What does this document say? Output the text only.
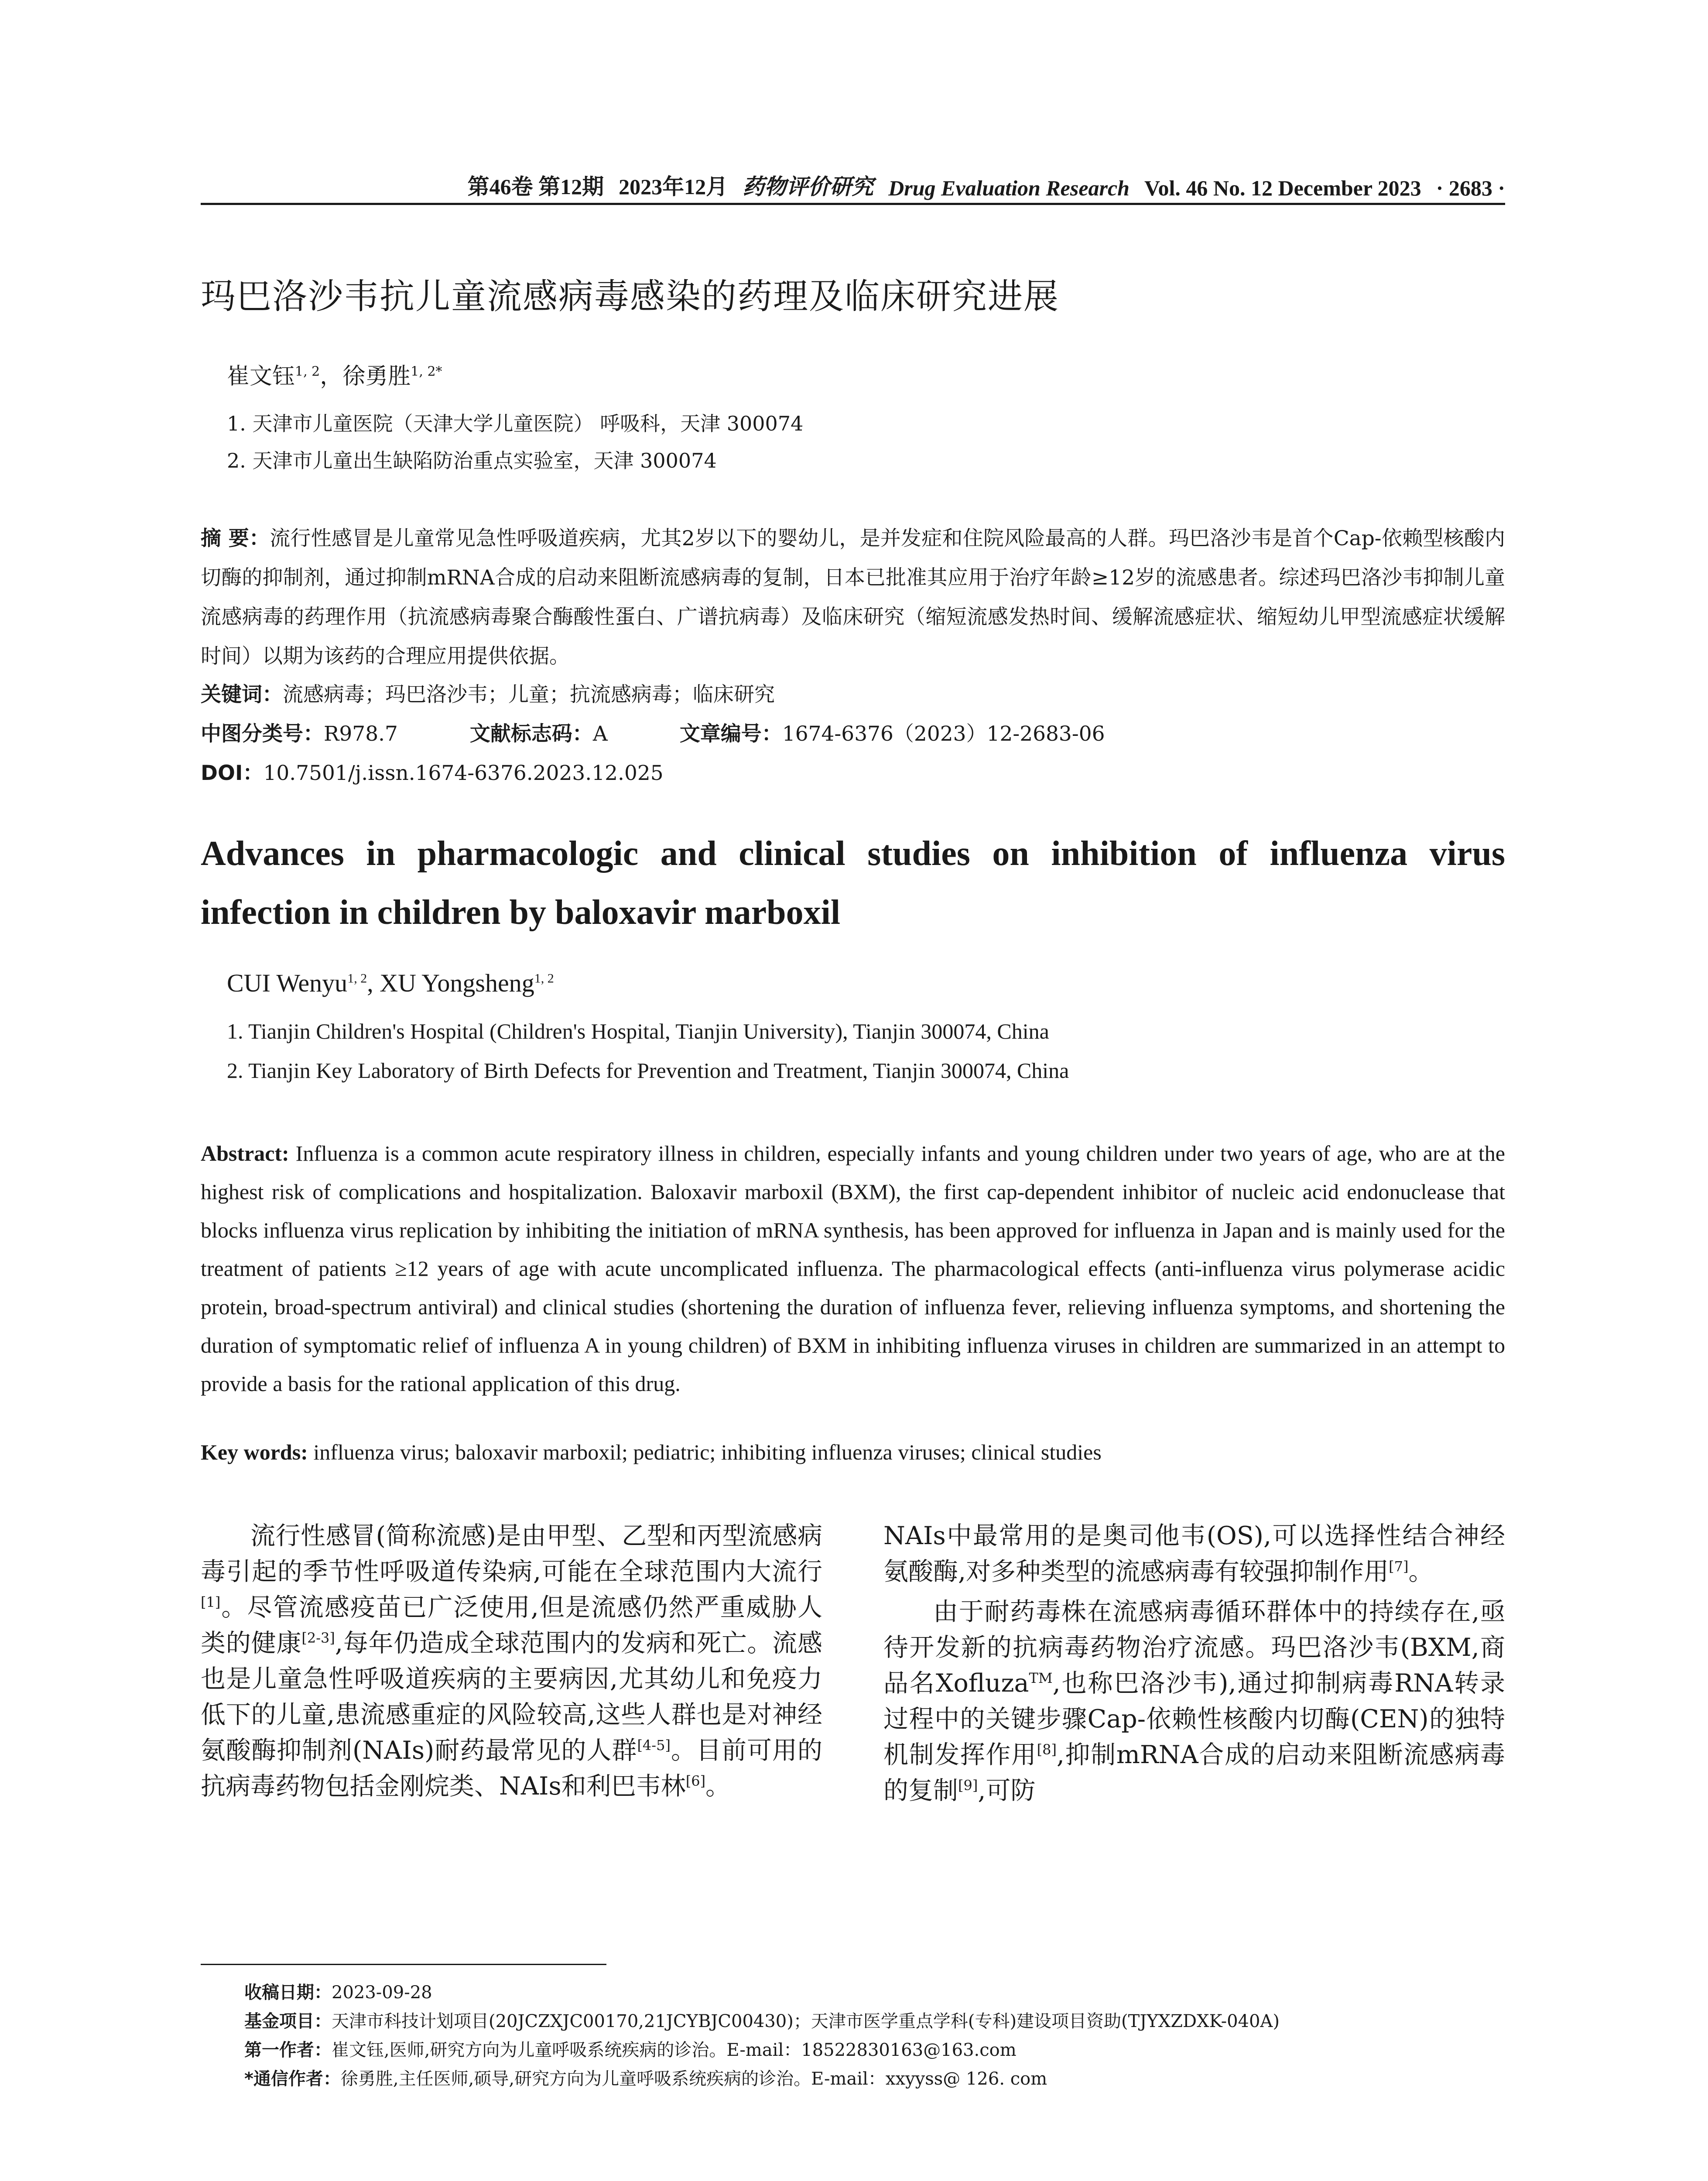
第46卷 第12期 2023年12月 药物评价研究 Drug Evaluation Research Vol. 46 No. 12 December 2023 · 2683 ·
玛巴洛沙韦抗儿童流感病毒感染的药理及临床研究进展
崔文钰$^{1, 2}$，徐勇胜$^{1, 2*}$
1. 天津市儿童医院（天津大学儿童医院） 呼吸科，天津 300074
2. 天津市儿童出生缺陷防治重点实验室，天津 300074
摘 要：流行性感冒是儿童常见急性呼吸道疾病，尤其2岁以下的婴幼儿，是并发症和住院风险最高的人群。玛巴洛沙韦是首个Cap-依赖型核酸内切酶的抑制剂，通过抑制mRNA合成的启动来阻断流感病毒的复制，日本已批准其应用于治疗年龄≥12岁的流感患者。综述玛巴洛沙韦抑制儿童流感病毒的药理作用（抗流感病毒聚合酶酸性蛋白、广谱抗病毒）及临床研究（缩短流感发热时间、缓解流感症状、缩短幼儿甲型流感症状缓解时间）以期为该药的合理应用提供依据。
关键词：流感病毒；玛巴洛沙韦；儿童；抗流感病毒；临床研究
中图分类号：R978.7	文献标志码：A	文章编号：1674-6376（2023）12-2683-06
DOI：10.7501/j.issn.1674-6376.2023.12.025
Advances in pharmacologic and clinical studies on inhibition of influenza virus infection in children by baloxavir marboxil
CUI Wenyu$^{1, 2}$, XU Yongsheng$^{1, 2}$
1. Tianjin Children's Hospital (Children's Hospital, Tianjin University), Tianjin 300074, China
2. Tianjin Key Laboratory of Birth Defects for Prevention and Treatment, Tianjin 300074, China
Abstract: Influenza is a common acute respiratory illness in children, especially infants and young children under two years of age, who are at the highest risk of complications and hospitalization. Baloxavir marboxil (BXM), the first cap-dependent inhibitor of nucleic acid endonuclease that blocks influenza virus replication by inhibiting the initiation of mRNA synthesis, has been approved for influenza in Japan and is mainly used for the treatment of patients ≥12 years of age with acute uncomplicated influenza. The pharmacological effects (anti-influenza virus polymerase acidic protein, broad-spectrum antiviral) and clinical studies (shortening the duration of influenza fever, relieving influenza symptoms, and shortening the duration of symptomatic relief of influenza A in young children) of BXM in inhibiting influenza viruses in children are summarized in an attempt to provide a basis for the rational application of this drug.
Key words: influenza virus; baloxavir marboxil; pediatric; inhibiting influenza viruses; clinical studies

流行性感冒(简称流感)是由甲型、乙型和丙型流感病毒引起的季节性呼吸道传染病,可能在全球范围内大流行[1]。尽管流感疫苗已广泛使用,但是流感仍然严重威胁人类的健康[2-3],每年仍造成全球范围内的发病和死亡。流感也是儿童急性呼吸道疾病的主要病因,尤其幼儿和免疫力低下的儿童,患流感重症的风险较高,这些人群也是对神经氨酸酶抑制剂(NAIs)耐药最常见的人群[4-5]。目前可用的抗病毒药物包括金刚烷类、NAIs和利巴韦林[6]。

NAIs中最常用的是奥司他韦(OS),可以选择性结合神经氨酸酶,对多种类型的流感病毒有较强抑制作用[7]。

由于耐药毒株在流感病毒循环群体中的持续存在,亟待开发新的抗病毒药物治疗流感。玛巴洛沙韦(BXM,商品名Xofluza™,也称巴洛沙韦),通过抑制病毒RNA转录过程中的关键步骤Cap-依赖性核酸内切酶(CEN)的独特机制发挥作用[8],抑制mRNA合成的启动来阻断流感病毒的复制[9],可防

收稿日期：2023-09-28
基金项目：天津市科技计划项目(20JCZXJC00170,21JCYBJC00430)；天津市医学重点学科(专科)建设项目资助(TJYXZDXK-040A)
第一作者：崔文钰,医师,研究方向为儿童呼吸系统疾病的诊治。E-mail：18522830163@163.com
*通信作者：徐勇胜,主任医师,硕导,研究方向为儿童呼吸系统疾病的诊治。E-mail：xxyyss@ 126. com
